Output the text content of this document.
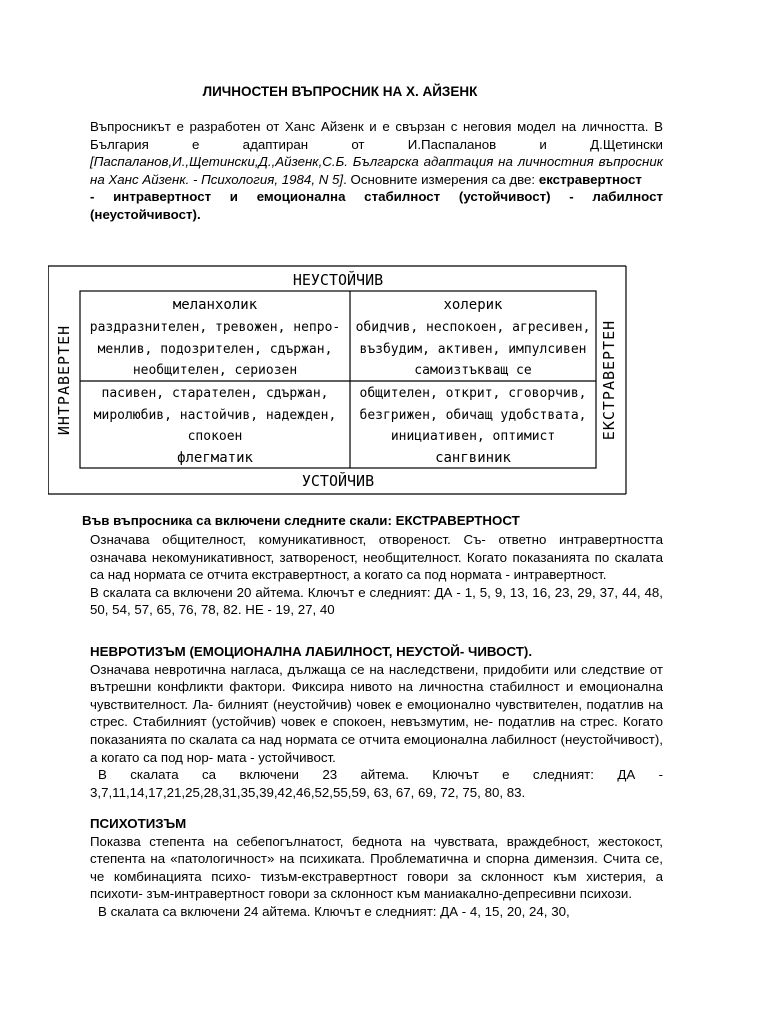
ЛИЧНОСТЕН ВЪПРОСНИК НА Х. АЙЗЕНК
Въпросникът е разработен от Ханс Айзенк и е свързан с неговия модел на личността. В България е адаптиран от И.Паспаланов и Д.Щетински [Паспаланов,И.,Щетински,Д.,Айзенк,С.Б. Българска адаптация на личностния въпросник на Ханс Айзенк. - Психология, 1984, N 5]. Основните измерения са две: екстравертност
- интравертност и емоционална стабилност (устойчивост) - лабилност (неустойчивост).
НЕУСТОЙЧИВ
УСТОЙЧИВ
ИНТРАВЕРТЕН	ЕКСТРАВЕРТЕН
меланхолик
раздразнителен, тревожен, непро-
менлив, подозрителен, сдържан,
необщителен, сериозен
холерик
обидчив, неспокоен, агресивен,
възбудим, активен, импулсивен
самоизтъкващ се
пасивен, старателен, сдържан,
миролюбив, настойчив, надежден,
спокоен
флегматик
общителен, открит, сговорчив,
безгрижен, обичащ удобствата,
инициативен, оптимист
сангвиник
Във въпросника са включени следните скали: ЕКСТРАВЕРТНОСТ

Означава общителност, комуникативност, отвореност. Съ- ответно интравертността означава некомуникативност, затвореност, необщителност. Когато показанията по скалата са над нормата се отчита екстравертност, а когато са под нормата - интравертност.

В скалата са включени 20 айтема. Ключът е следният: ДА - 1, 5, 9, 13, 16, 23, 29, 37, 44, 48, 50, 54, 57, 65, 76, 78, 82. НЕ - 19, 27, 40

НЕВРОТИЗЪМ (ЕМОЦИОНАЛНА ЛАБИЛНОСТ, НЕУСТОЙ- ЧИВОСТ).

Означава невротична нагласа, дължаща се на наследствени, придобити или следствие от вътрешни конфликти фактори. Фиксира нивото на личностна стабилност и емоционална чувствителност. Ла- билният (неустойчив) човек е емоционално чувствителен, податлив на стрес. Стабилният (устойчив) човек е спокоен, невъзмутим, не- податлив на стрес. Когато показанията по скалата са над нормата се отчита емоционална лабилност (неустойчивост), а когато са под нор- мата - устойчивост.

В скалата са включени 23 айтема. Ключът е следният: ДА - 3,7,11,14,17,21,25,28,31,35,39,42,46,52,55,59, 63, 67, 69, 72, 75, 80, 83.

ПСИХОТИЗЪМ

Показва степента на себепогълнатост, беднота на чувствата, враждебност, жестокост, степента на «патологичност» на психиката. Проблематична и спорна димензия. Счита се, че комбинацията психо- тизъм-екстравертност говори за склонност към хистерия, а психоти- зъм-интравертност говори за склонност към маниакално-депресивни психози.

В скалата са включени 24 айтема. Ключът е следният: ДА - 4, 15, 20, 24, 30,
